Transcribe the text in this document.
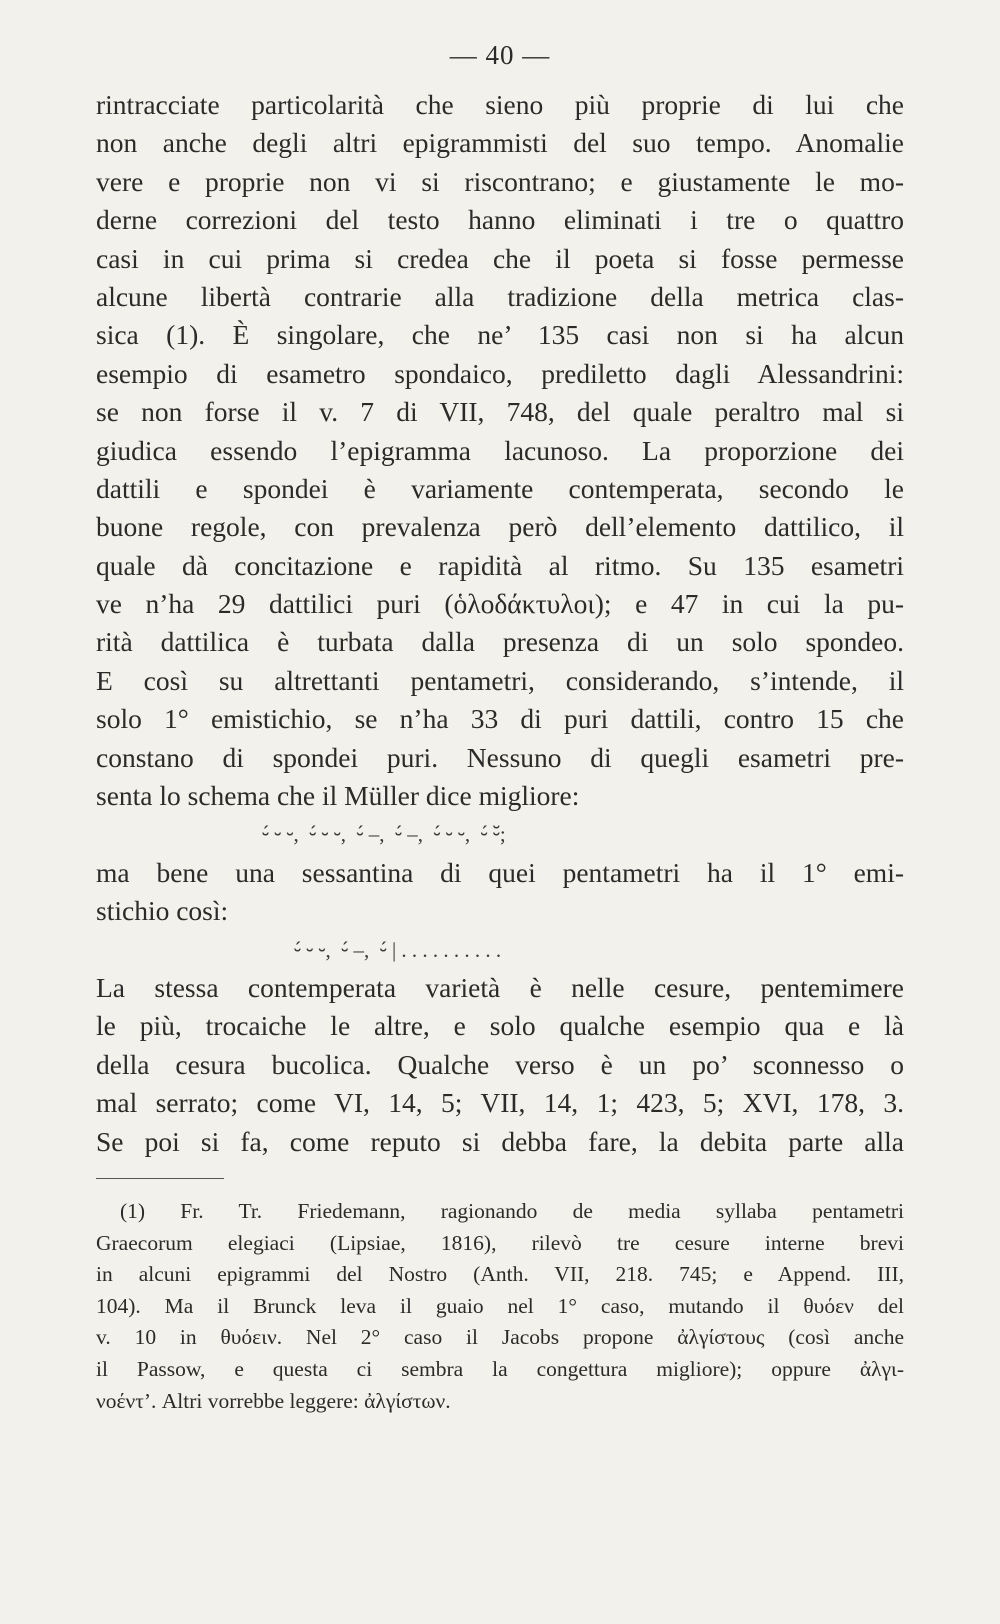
— 40 —
rintracciate particolarità che sieno più proprie di lui che
non anche degli altri epigrammisti del suo tempo. Anomalie
vere e proprie non vi si riscontrano; e giustamente le mo-
derne correzioni del testo hanno eliminati i tre o quattro
casi in cui prima si credea che il poeta si fosse permesse
alcune libertà contrarie alla tradizione della metrica clas-
sica (1). È singolare, che ne’ 135 casi non si ha alcun
esempio di esametro spondaico, prediletto dagli Alessandrini:
se non forse il v. 7 di VII, 748, del quale peraltro mal si
giudica essendo l’epigramma lacunoso. La proporzione dei
dattili e spondei è variamente contemperata, secondo le
buone regole, con prevalenza però dell’elemento dattilico, il
quale dà concitazione e rapidità al ritmo. Su 135 esametri
ve n’ha 29 dattilici puri (ὁλοδάκτυλοι); e 47 in cui la pu-
rità dattilica è turbata dalla presenza di un solo spondeo.
E così su altrettanti pentametri, considerando, s’intende, il
solo 1° emistichio, se n’ha 33 di puri dattili, contro 15 che
constano di spondei puri. Nessuno di quegli esametri pre-
senta lo schema che il Müller dice migliore:
⏑́ ⏑ ⏑,  ⏑́ ⏑ ⏑,  ⏑́ –,  ⏑́ –,  ⏑́ ⏑ ⏑,  ⏑́ ⏑̆;
ma bene una sessantina di quei pentametri ha il 1° emi-
stichio così:
⏑́ ⏑ ⏑,  ⏑́ –,  ⏑́ | . . . . . . . . . .
La stessa contemperata varietà è nelle cesure, pentemimere
le più, trocaiche le altre, e solo qualche esempio qua e là
della cesura bucolica. Qualche verso è un po’ sconnesso o
mal serrato; come VI, 14, 5; VII, 14, 1; 423, 5; XVI, 178, 3.
Se poi si fa, come reputo si debba fare, la debita parte alla
(1) Fr. Tr. Friedemann, ragionando de media syllaba pentametri
Graecorum elegiaci (Lipsiae, 1816), rilevò tre cesure interne brevi
in alcuni epigrammi del Nostro (Anth. VII, 218. 745; e Append. III,
104). Ma il Brunck leva il guaio nel 1° caso, mutando il θυόεν del
v. 10 in θυόειν. Nel 2° caso il Jacobs propone ἀλγίστους (così anche
il Passow, e questa ci sembra la congettura migliore); oppure ἀλγι-
νοέντ’. Altri vorrebbe leggere: ἀλγίστων.
